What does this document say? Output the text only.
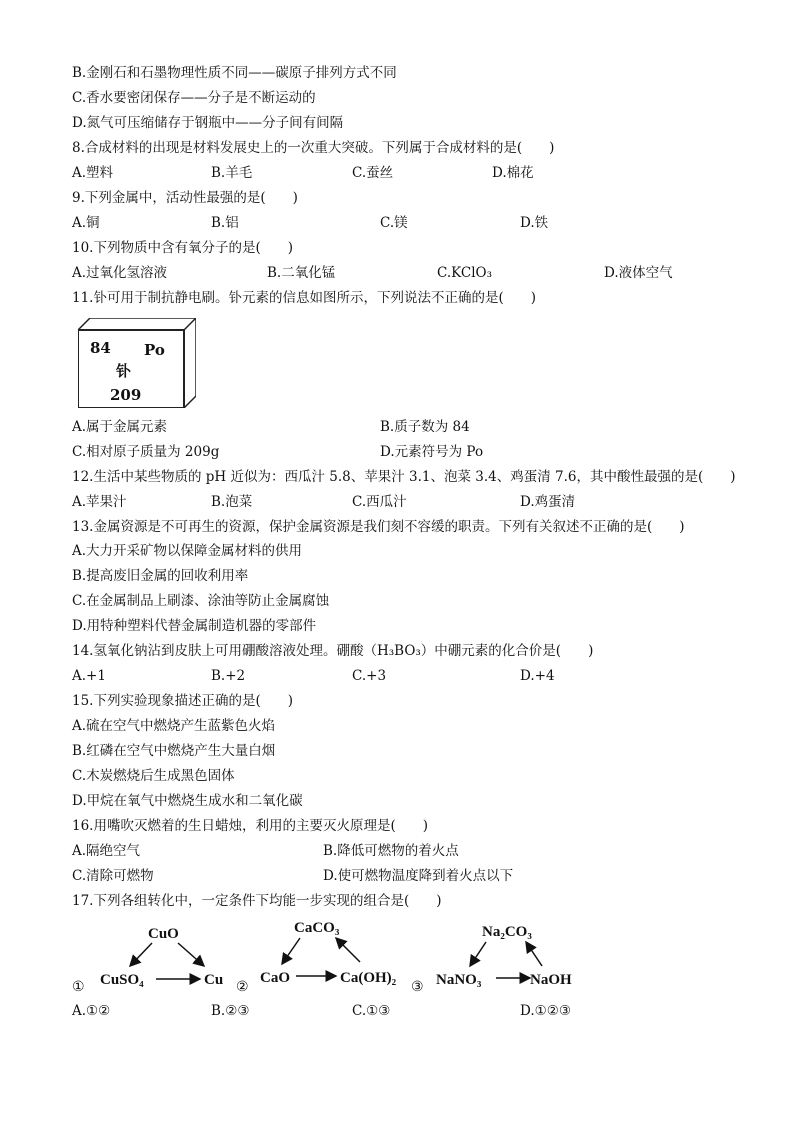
B.金刚石和石墨物理性质不同——碳原子排列方式不同
C.香水要密闭保存——分子是不断运动的
D.氮气可压缩储存于钢瓶中——分子间有间隔
8.合成材料的出现是材料发展史上的一次重大突破。下列属于合成材料的是(　　)
A.塑料	B.羊毛	C.蚕丝	D.棉花
9.下列金属中，活动性最强的是(　　)
A.铜	B.铝	C.镁	D.铁
10.下列物质中含有氧分子的是(　　)
A.过氧化氢溶液	B.二氧化锰	C.KClO₃	D.液体空气
11.钋可用于制抗静电刷。钋元素的信息如图所示，下列说法不正确的是(　　)
84 Po
钋
209
A.属于金属元素	B.质子数为 84
C.相对原子质量为 209g	D.元素符号为 Po
12.生活中某些物质的 pH 近似为：西瓜汁 5.8、苹果汁 3.1、泡菜 3.4、鸡蛋清 7.6，其中酸性最强的是(　　)
A.苹果汁	B.泡菜	C.西瓜汁	D.鸡蛋清
13.金属资源是不可再生的资源，保护金属资源是我们刻不容缓的职责。下列有关叙述不正确的是(　　)
A.大力开采矿物以保障金属材料的供用
B.提高废旧金属的回收利用率
C.在金属制品上刷漆、涂油等防止金属腐蚀
D.用特种塑料代替金属制造机器的零部件
14.氢氧化钠沾到皮肤上可用硼酸溶液处理。硼酸（H₃BO₃）中硼元素的化合价是(　　)
A.+1	B.+2	C.+3	D.+4
15.下列实验现象描述正确的是(　　)
A.硫在空气中燃烧产生蓝紫色火焰
B.红磷在空气中燃烧产生大量白烟
C.木炭燃烧后生成黑色固体
D.甲烷在氧气中燃烧生成水和二氧化碳
16.用嘴吹灭燃着的生日蜡烛，利用的主要灭火原理是(　　)
A.隔绝空气	B.降低可燃物的着火点
C.清除可燃物	D.使可燃物温度降到着火点以下
17.下列各组转化中，一定条件下均能一步实现的组合是(　　)
①
CuO
CuSO₄	Cu ②
CaCO₃
CaO	Ca(OH)₂
③
Na₂CO₃
NaNO₃	NaOH
A.①②	B.②③	C.①③	D.①②③
